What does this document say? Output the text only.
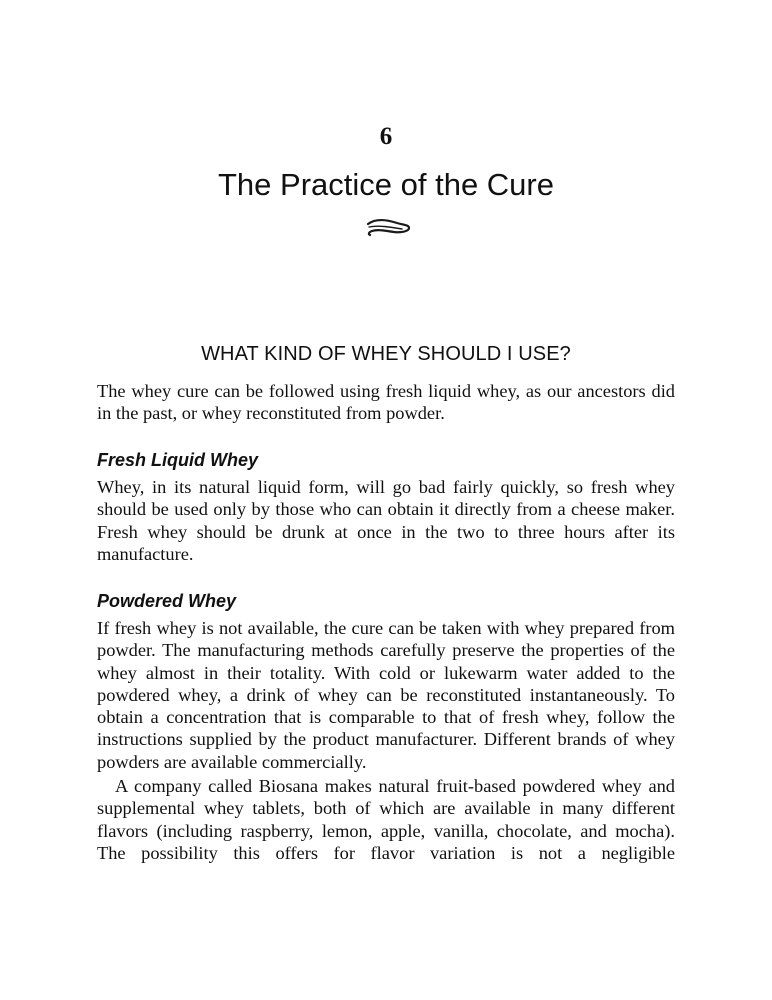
6
The Practice of the Cure
WHAT KIND OF WHEY SHOULD I USE?

The whey cure can be followed using fresh liquid whey, as our ancestors did in the past, or whey reconstituted from powder.

Fresh Liquid Whey

Whey, in its natural liquid form, will go bad fairly quickly, so fresh whey should be used only by those who can obtain it directly from a cheese maker. Fresh whey should be drunk at once in the two to three hours after its manufacture.

Powdered Whey

If fresh whey is not available, the cure can be taken with whey prepared from powder. The manufacturing methods carefully preserve the properties of the whey almost in their totality. With cold or lukewarm water added to the powdered whey, a drink of whey can be reconstituted instantaneously. To obtain a concentration that is comparable to that of fresh whey, follow the instructions supplied by the product manufacturer. Different brands of whey powders are available commercially.

A company called Biosana makes natural fruit-based powdered whey and supplemental whey tablets, both of which are available in many different flavors (including raspberry, lemon, apple, vanilla, chocolate, and mocha). The possibility this offers for flavor variation is not a negligible
